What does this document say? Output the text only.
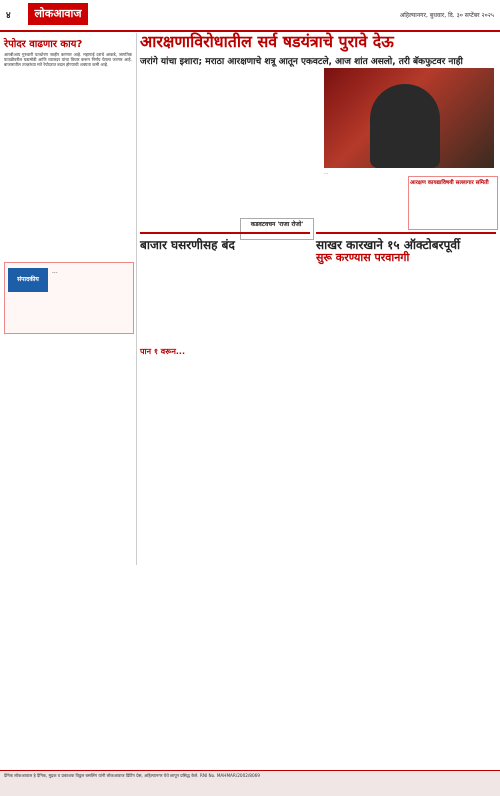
४	लोकआवाज	अहिल्यानगर, बुधवार, दि. ३० सप्टेंबर २०२५
आरक्षणाविरोधातील सर्व षडयंत्राचे पुरावे देऊ
जरांगे यांचा इशारा; मराठा आरक्षणाचे शत्रू आतून एकवटले, आज शांत असलो, तरी बॅकफुटवर नाही
रेपोदर वाढणार काय?
आरबीआय गुरुवारी पतधोरण जाहीर करणार आहे. महागाई दराचे आकडे, जागतिक पातळीवरील घडामोडी आणि व्याजदर यांचा विचार करून निर्णय घेतला जाणार आहे. बाजारातील तज्ज्ञांच्या मते रेपोदरात बदल होण्याची शक्यता कमी आहे.
संपादकीय
...
...
आरक्षण कायद्याविषयी सल्लागार समिती
कडवटवचन 'राजा रोजो'
बाजार घसरणीसह बंद	साखर कारखाने १५ ऑक्टोबरपूर्वी
सुरू करण्यास परवानगी
पान १ वरून...
दैनिक लोकआवाज हे दैनिक, मुद्रक व प्रकाशक विठ्ठल बसलिंग यांनी लोकआवाज प्रिंटिंग प्रेस, अहिल्यानगर येथे छापून प्रसिद्ध केले. RNI No. MAHMAR/2002/8069
